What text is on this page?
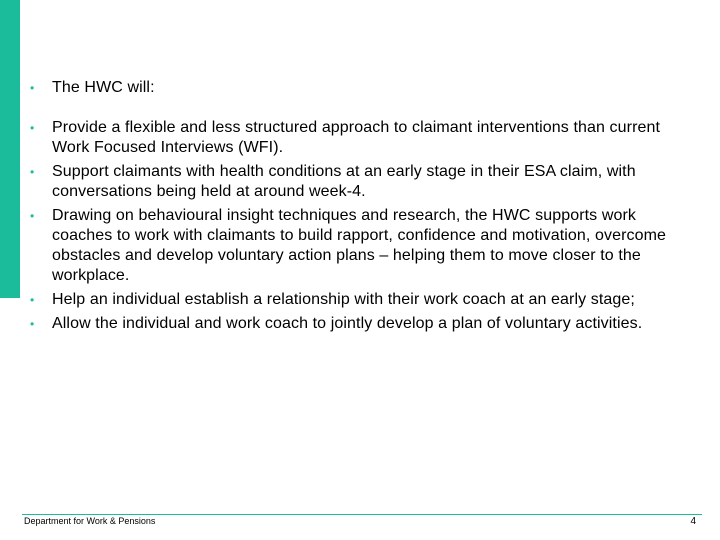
•	The HWC will:
•	Provide a flexible and less structured approach to claimant interventions than current Work Focused Interviews (WFI).
•	Support claimants with health conditions at an early stage in their ESA claim, with conversations being held at around week-4.
•	Drawing on behavioural insight techniques and research, the HWC supports work coaches to work with claimants to build rapport, confidence and motivation, overcome obstacles and develop voluntary action plans – helping them to move closer to the workplace.
•	Help an individual establish a relationship with their work coach at an early stage;
•	Allow the individual and work coach to jointly develop a plan of voluntary activities.
Department for Work & Pensions	4
